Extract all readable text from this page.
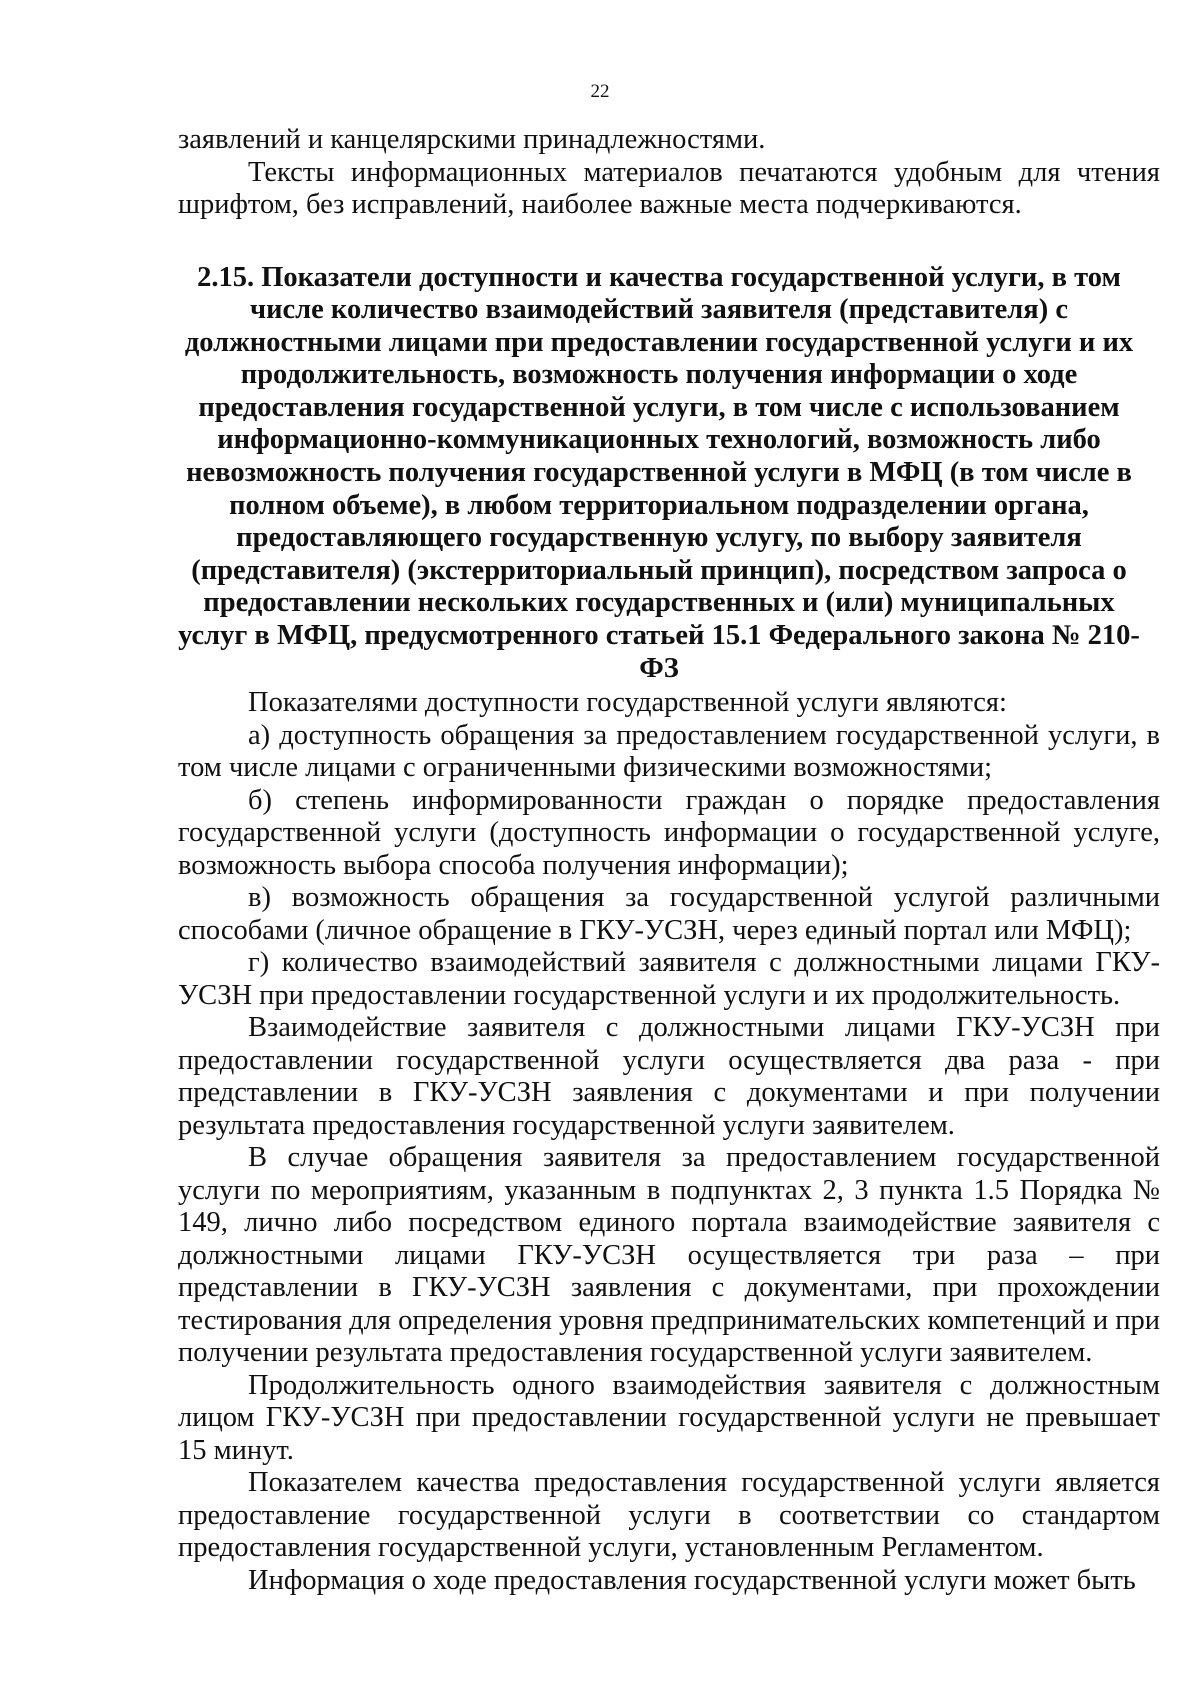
22

заявлений и канцелярскими принадлежностями.

Тексты информационных материалов печатаются удобным для чтения шрифтом, без исправлений, наиболее важные места подчеркиваются.

2.15. Показатели доступности и качества государственной услуги, в том числе количество взаимодействий заявителя (представителя) с должностными лицами при предоставлении государственной услуги и их продолжительность, возможность получения информации о ходе предоставления государственной услуги, в том числе с использованием информационно-коммуникационных технологий, возможность либо невозможность получения государственной услуги в МФЦ (в том числе в полном объеме), в любом территориальном подразделении органа, предоставляющего государственную услугу, по выбору заявителя (представителя) (экстерриториальный принцип), посредством запроса о предоставлении нескольких государственных и (или) муниципальных услуг в МФЦ, предусмотренного статьей 15.1 Федерального закона № 210-ФЗ

Показателями доступности государственной услуги являются:

а) доступность обращения за предоставлением государственной услуги, в том числе лицами с ограниченными физическими возможностями;

б) степень информированности граждан о порядке предоставления государственной услуги (доступность информации о государственной услуге, возможность выбора способа получения информации);

в) возможность обращения за государственной услугой различными способами (личное обращение в ГКУ-УСЗН, через единый портал или МФЦ);

г) количество взаимодействий заявителя с должностными лицами ГКУ-УСЗН при предоставлении государственной услуги и их продолжительность.

Взаимодействие заявителя с должностными лицами ГКУ-УСЗН при предоставлении государственной услуги осуществляется два раза - при представлении в ГКУ-УСЗН заявления с документами и при получении результата предоставления государственной услуги заявителем.

В случае обращения заявителя за предоставлением государственной услуги по мероприятиям, указанным в подпунктах 2, 3 пункта 1.5 Порядка № 149, лично либо посредством единого портала взаимодействие заявителя с должностными лицами ГКУ-УСЗН осуществляется три раза – при представлении в ГКУ-УСЗН заявления с документами, при прохождении тестирования для определения уровня предпринимательских компетенций и при получении результата предоставления государственной услуги заявителем.

Продолжительность одного взаимодействия заявителя с должностным лицом ГКУ-УСЗН при предоставлении государственной услуги не превышает 15 минут.

Показателем качества предоставления государственной услуги является предоставление государственной услуги в соответствии со стандартом предоставления государственной услуги, установленным Регламентом.

Информация о ходе предоставления государственной услуги может быть
